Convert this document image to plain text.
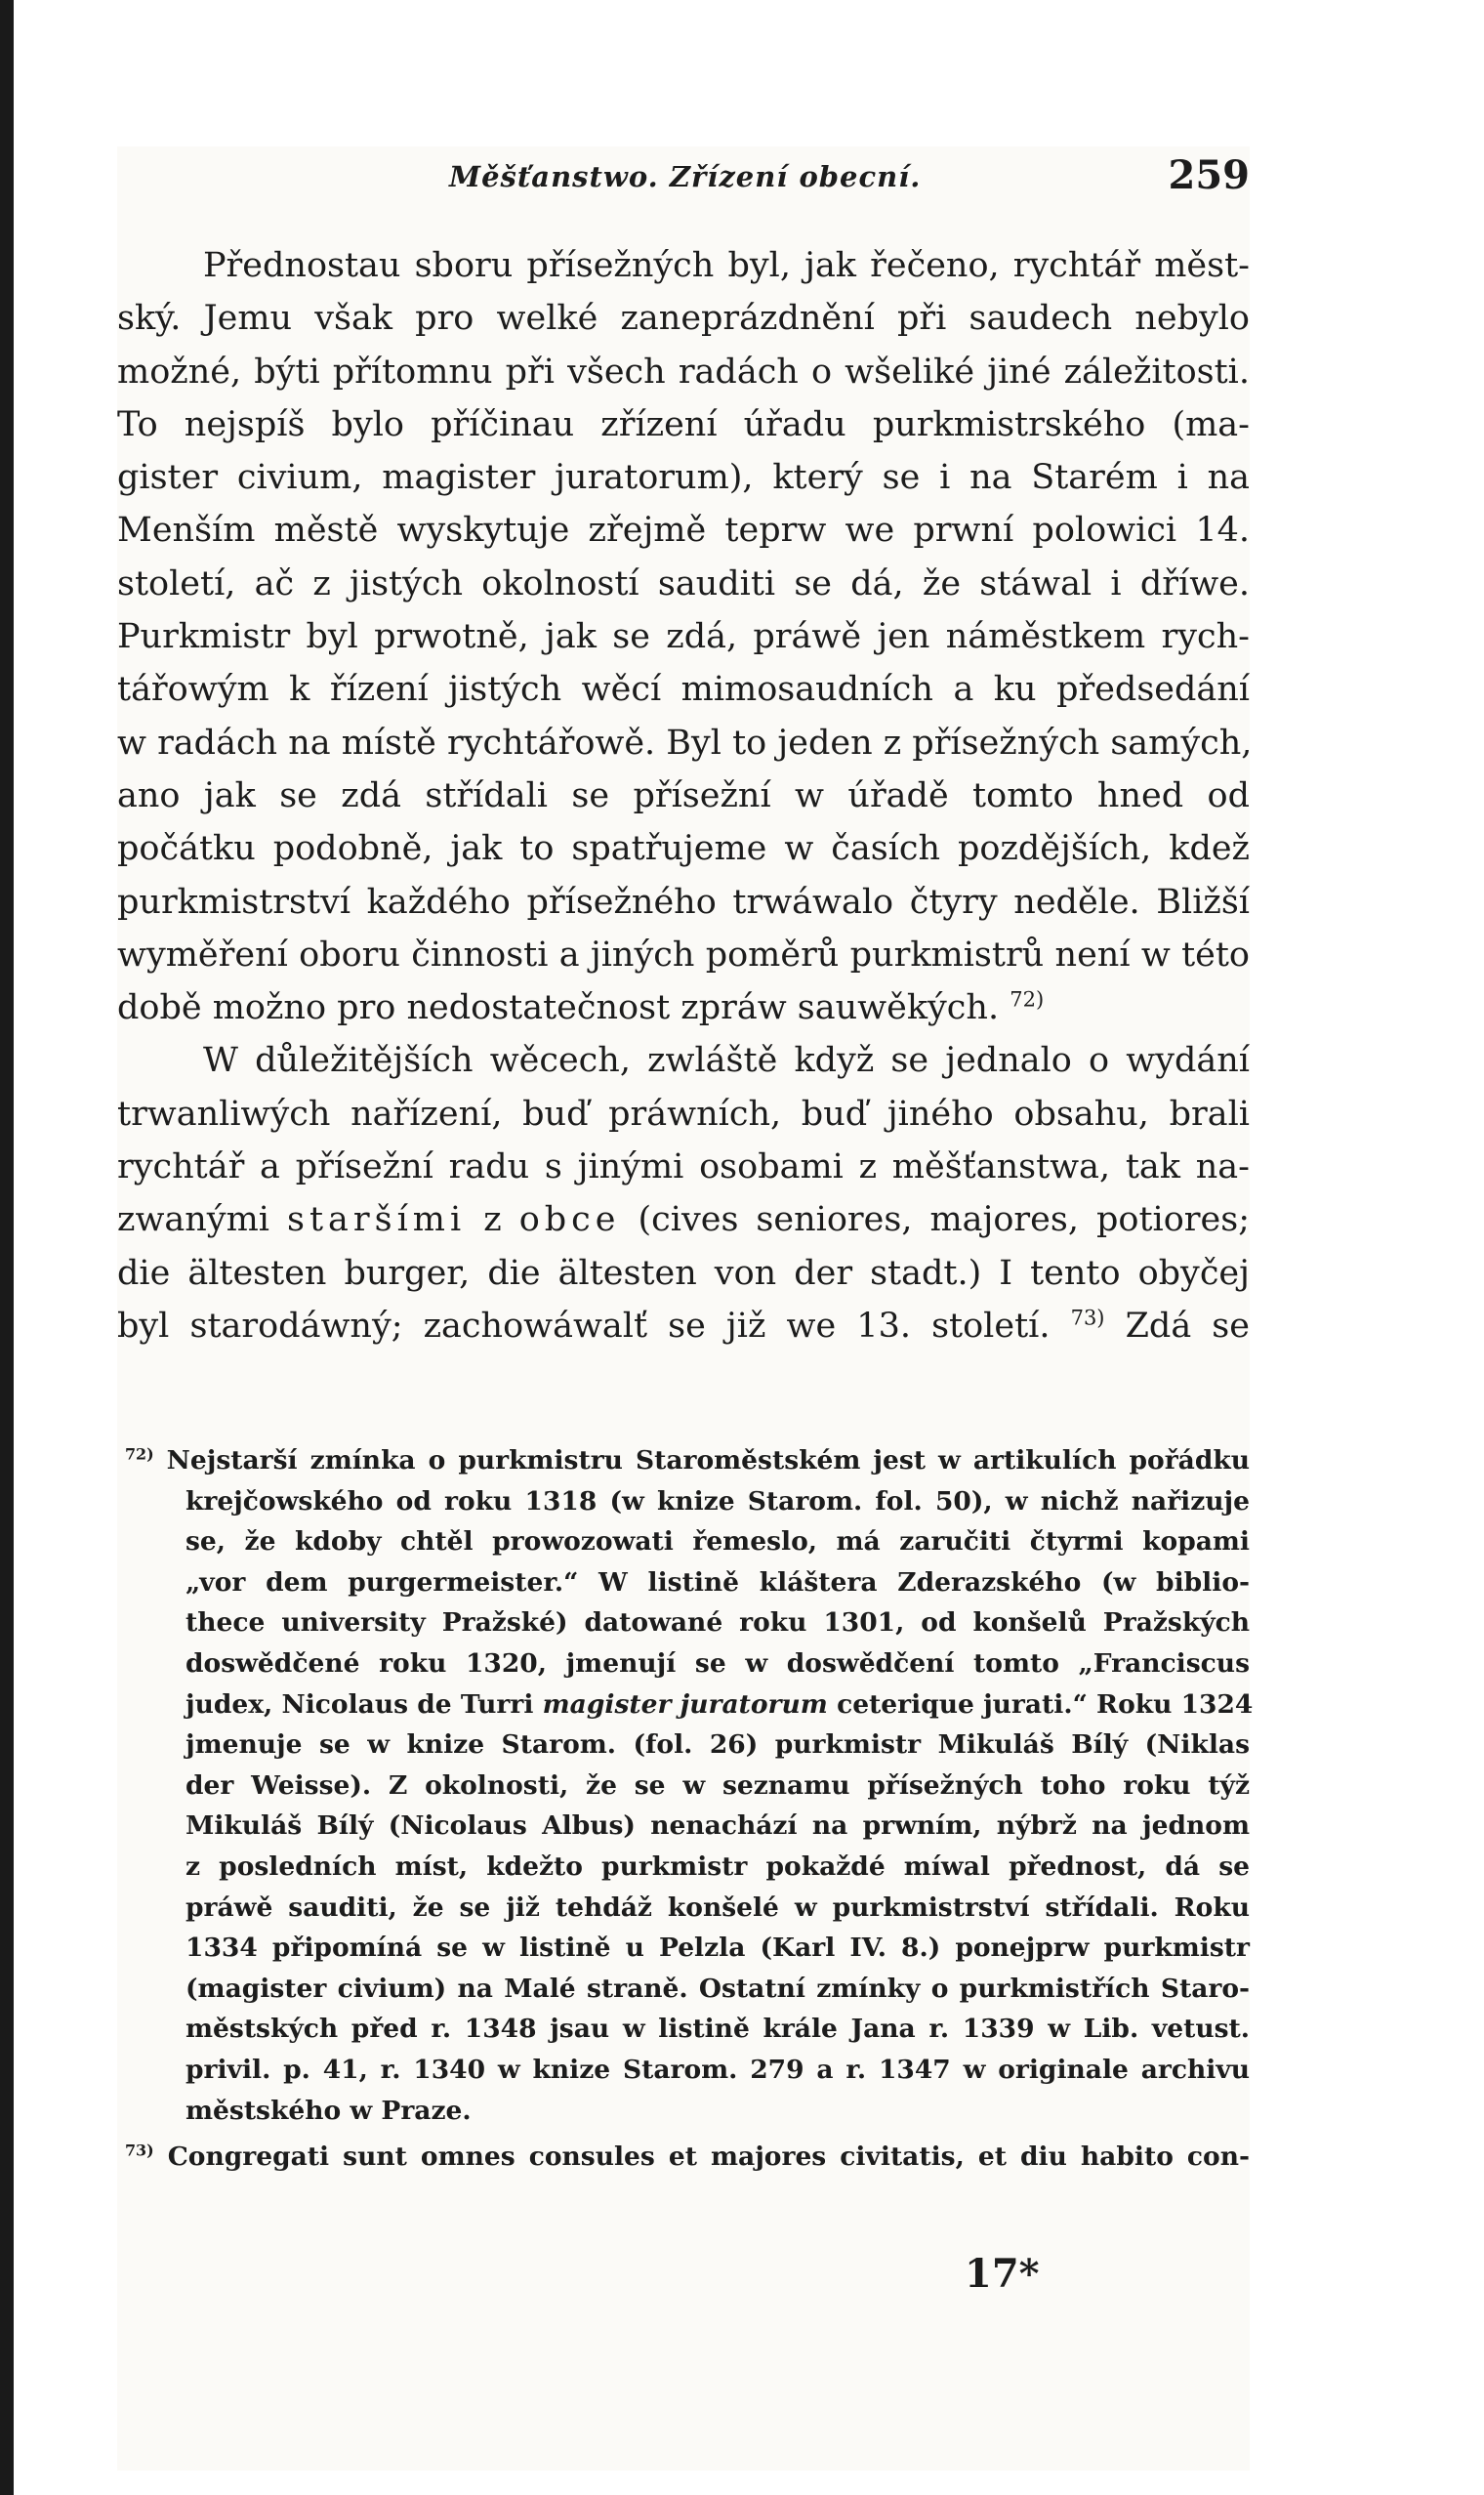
Měšťanstwo. Zřízení obecní.	259
Přednostau sboru přísežných byl, jak řečeno, rychtář měst-
ský. Jemu však pro welké zaneprázdnění při saudech nebylo
možné, býti přítomnu při všech radách o wšeliké jiné záležitosti.
To nejspíš bylo příčinau zřízení úřadu purkmistrského (ma-
gister civium, magister juratorum), který se i na Starém i na
Menším městě wyskytuje zřejmě teprw we prwní polowici 14.
století, ač z jistých okolností sauditi se dá, že stáwal i dříwe.
Purkmistr byl prwotně, jak se zdá, práwě jen náměstkem rych-
tářowým k řízení jistých wěcí mimosaudních a ku předsedání
w radách na místě rychtářowě. Byl to jeden z přísežných samých,
ano jak se zdá střídali se přísežní w úřadě tomto hned od
počátku podobně, jak to spatřujeme w časích pozdějších, kdež
purkmistrství každého přísežného trwáwalo čtyry neděle. Bližší
wyměření oboru činnosti a jiných poměrů purkmistrů není w této
době možno pro nedostatečnost zpráw sauwěkých. $^{72)}$
W důležitějších wěcech, zwláště když se jednalo o wydání
trwanliwých nařízení, buď práwních, buď jiného obsahu, brali
rychtář a přísežní radu s jinými osobami z měšťanstwa, tak na-
zwanými staršími z obce (cives seniores, majores, potiores;
die ältesten burger, die ältesten von der stadt.) I tento obyčej
byl starodáwný; zachowáwalť se již we 13. století. $^{73)}$ Zdá se
$^{72)}$ Nejstarší zmínka o purkmistru Staroměstském jest w artikulích pořádku
krejčowského od roku 1318 (w knize Starom. fol. 50), w nichž nařizuje
se, že kdoby chtěl prowozowati řemeslo, má zaručiti čtyrmi kopami
„vor dem purgermeister.“ W listině kláštera Zderazského (w biblio-
thece university Pražské) datowané roku 1301, od konšelů Pražských
doswědčené roku 1320, jmenují se w doswědčení tomto „Franciscus
judex, Nicolaus de Turri magister juratorum ceterique jurati.“ Roku 1324
jmenuje se w knize Starom. (fol. 26) purkmistr Mikuláš Bílý (Niklas
der Weisse). Z okolnosti, že se w seznamu přísežných toho roku týž
Mikuláš Bílý (Nicolaus Albus) nenachází na prwním, nýbrž na jednom
z posledních míst, kdežto purkmistr pokaždé míwal přednost, dá se
práwě sauditi, že se již tehdáž konšelé w purkmistrství střídali. Roku
1334 připomíná se w listině u Pelzla (Karl IV. 8.) ponejprw purkmistr
(magister civium) na Malé straně. Ostatní zmínky o purkmistřích Staro-
městských před r. 1348 jsau w listině krále Jana r. 1339 w Lib. vetust.
privil. p. 41, r. 1340 w knize Starom. 279 a r. 1347 w originale archivu
městského w Praze.
$^{73)}$ Congregati sunt omnes consules et majores civitatis, et diu habito con-
17*
